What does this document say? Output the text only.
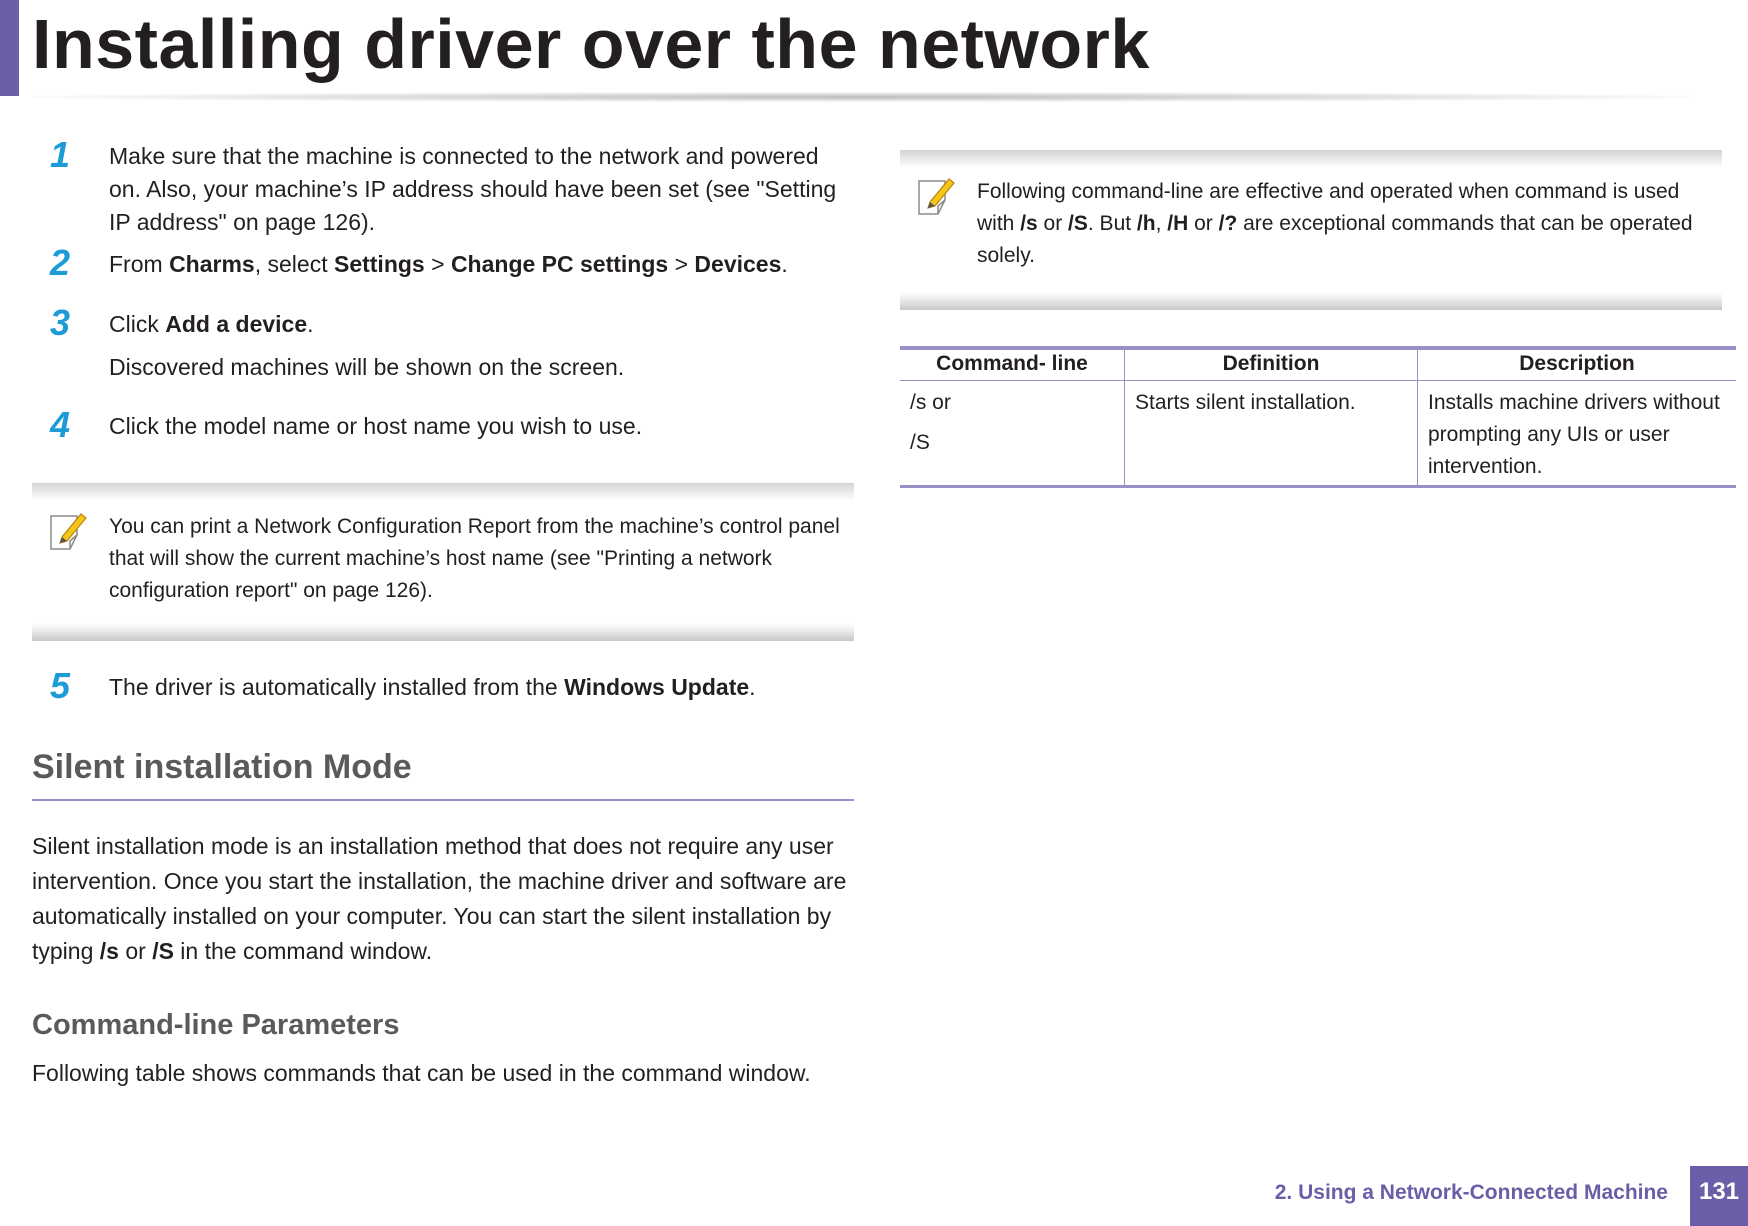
Installing driver over the network
1	Make sure that the machine is connected to the network and powered on. Also, your machine’s IP address should have been set (see "Setting IP address" on page 126).
2	From Charms, select Settings > Change PC settings > Devices.
3	Click Add a device.
Discovered machines will be shown on the screen.
4	Click the model name or host name you wish to use.
You can print a Network Configuration Report from the machine’s control panel that will show the current machine’s host name (see "Printing a network configuration report" on page 126).
5	The driver is automatically installed from the Windows Update.
Silent installation Mode
Silent installation mode is an installation method that does not require any user intervention. Once you start the installation, the machine driver and software are automatically installed on your computer. You can start the silent installation by typing /s or /S in the command window.
Command-line Parameters
Following table shows commands that can be used in the command window.
Following command-line are effective and operated when command is used with /s or /S. But /h, /H or /? are exceptional commands that can be operated solely.
Command- line	Definition	Description

/s or
/S	Starts silent installation.	Installs machine drivers without prompting any UIs or user intervention.
2. Using a Network-Connected Machine	131
